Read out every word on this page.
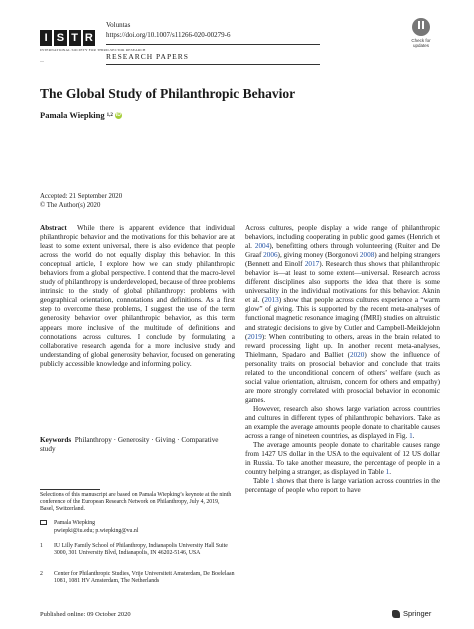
I S T R
INTERNATIONAL SOCIETY FOR THIRD-SECTOR RESEARCH
—          
Voluntas
https://doi.org/10.1007/s11266-020-00279-6
RESEARCH PAPERS
Check for updates
The Global Study of Philanthropic Behavior
Pamala Wiepking 1,2 iD
Accepted: 21 September 2020
© The Author(s) 2020

Abstract While there is apparent evidence that individual philanthropic behavior and the motivations for this behavior are at least to some extent universal, there is also evidence that people across the world do not equally display this behavior. In this conceptual article, I explore how we can study philanthropic behaviors from a global perspective. I contend that the macro-level study of philanthropy is underdeveloped, because of three problems intrinsic to the study of global philanthropy: problems with geographical orientation, connotations and definitions. As a first step to overcome these problems, I suggest the use of the term generosity behavior over philanthropic behavior, as this term appears more inclusive of the multitude of definitions and connotations across cultures. I conclude by formulating a collaborative research agenda for a more inclusive study and understanding of global generosity behavior, focused on generating publicly accessible knowledge and informing policy.

Keywords Philanthropy · Generosity · Giving · Comparative study

Across cultures, people display a wide range of philanthropic behaviors, including cooperating in public good games (Henrich et al. 2004), benefitting others through volunteering (Ruiter and De Graaf 2006), giving money (Borgonovi 2008) and helping strangers (Bennett and Einolf 2017). Research thus shows that philanthropic behavior is—at least to some extent—universal. Research across different disciplines also supports the idea that there is some universality in the individual motivations for this behavior. Aknin et al. (2013) show that people across cultures experience a “warm glow” of giving. This is supported by the recent meta-analyses of functional magnetic resonance imaging (fMRI) studies on altruistic and strategic decisions to give by Cutler and Campbell-Meiklejohn (2019): When contributing to others, areas in the brain related to reward processing light up. In another recent meta-analyses, Thielmann, Spadaro and Balliet (2020) show the influence of personality traits on prosocial behavior and conclude that traits related to the unconditional concern of others’ welfare (such as social value orientation, altruism, concern for others and empathy) are more strongly correlated with prosocial behavior in economic games.

However, research also shows large variation across countries and cultures in different types of philanthropic behaviors. Take as an example the average amounts people donate to charitable causes across a range of nineteen countries, as displayed in Fig. 1.

The average amounts people donate to charitable causes range from 1427 US dollar in the USA to the equivalent of 12 US dollar in Russia. To take another measure, the percentage of people in a country helping a stranger, as displayed in Table 1.

Table 1 shows that there is large variation across countries in the percentage of people who report to have

Selections of this manuscript are based on Pamala Wiepking’s keynote at the ninth conference of the European Research Network on Philanthropy, July 4, 2019, Basel, Switzerland.
Pamala Wiepking
pwiepki@iu.edu; p.wiepking@vu.nl
1	IU Lilly Family School of Philanthropy, Indianapolis University Hall Suite 3000, 301 University Blvd, Indianapolis, IN 46202-5146, USA
2	Center for Philanthropic Studies, Vrije Universiteit Amsterdam, De Boelelaan 1081, 1081 HV Amsterdam, The Netherlands
Published online: 09 October 2020	Springer
